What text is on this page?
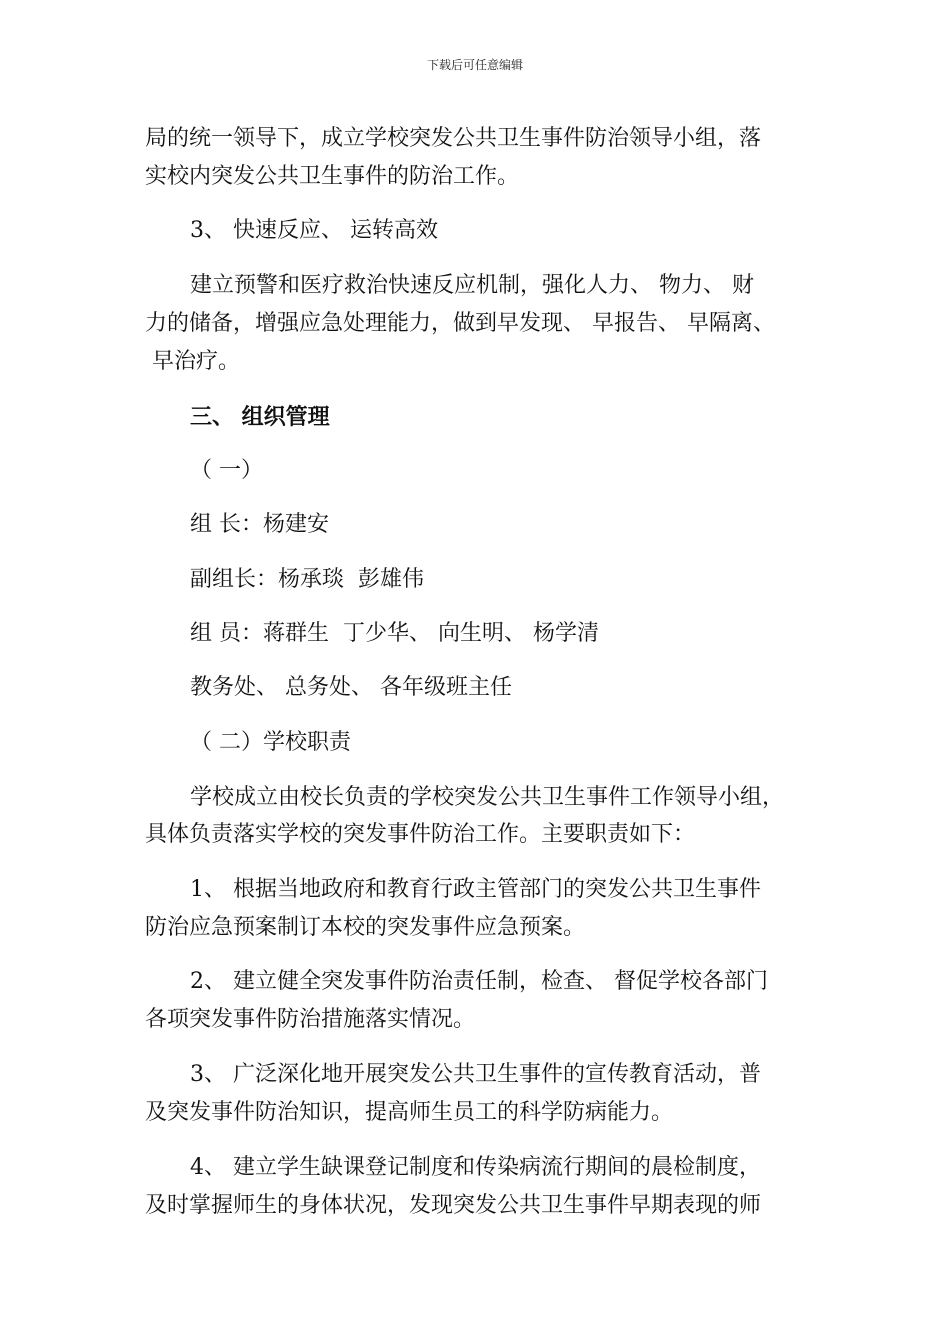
下载后可任意编辑
局的统一领导下，成立学校突发公共卫生事件防治领导小组，落
实校内突发公共卫生事件的防治工作。
3、 快速反应、 运转高效
建立预警和医疗救治快速反应机制，强化人力、 物力、 财
力的储备，增强应急处理能力，做到早发现、 早报告、 早隔离、
早治疗。
三、 组织管理
（ 一）
组 长：杨建安
副组长：杨承琰  彭雄伟
组 员：蒋群生  丁少华、 向生明、 杨学清
教务处、 总务处、 各年级班主任
（ 二）学校职责
学校成立由校长负责的学校突发公共卫生事件工作领导小组，
具体负责落实学校的突发事件防治工作。主要职责如下：
1、 根据当地政府和教育行政主管部门的突发公共卫生事件
防治应急预案制订本校的突发事件应急预案。
2、 建立健全突发事件防治责任制，检查、 督促学校各部门
各项突发事件防治措施落实情况。
3、 广泛深化地开展突发公共卫生事件的宣传教育活动，普
及突发事件防治知识，提高师生员工的科学防病能力。
4、 建立学生缺课登记制度和传染病流行期间的晨检制度，
及时掌握师生的身体状况，发现突发公共卫生事件早期表现的师
